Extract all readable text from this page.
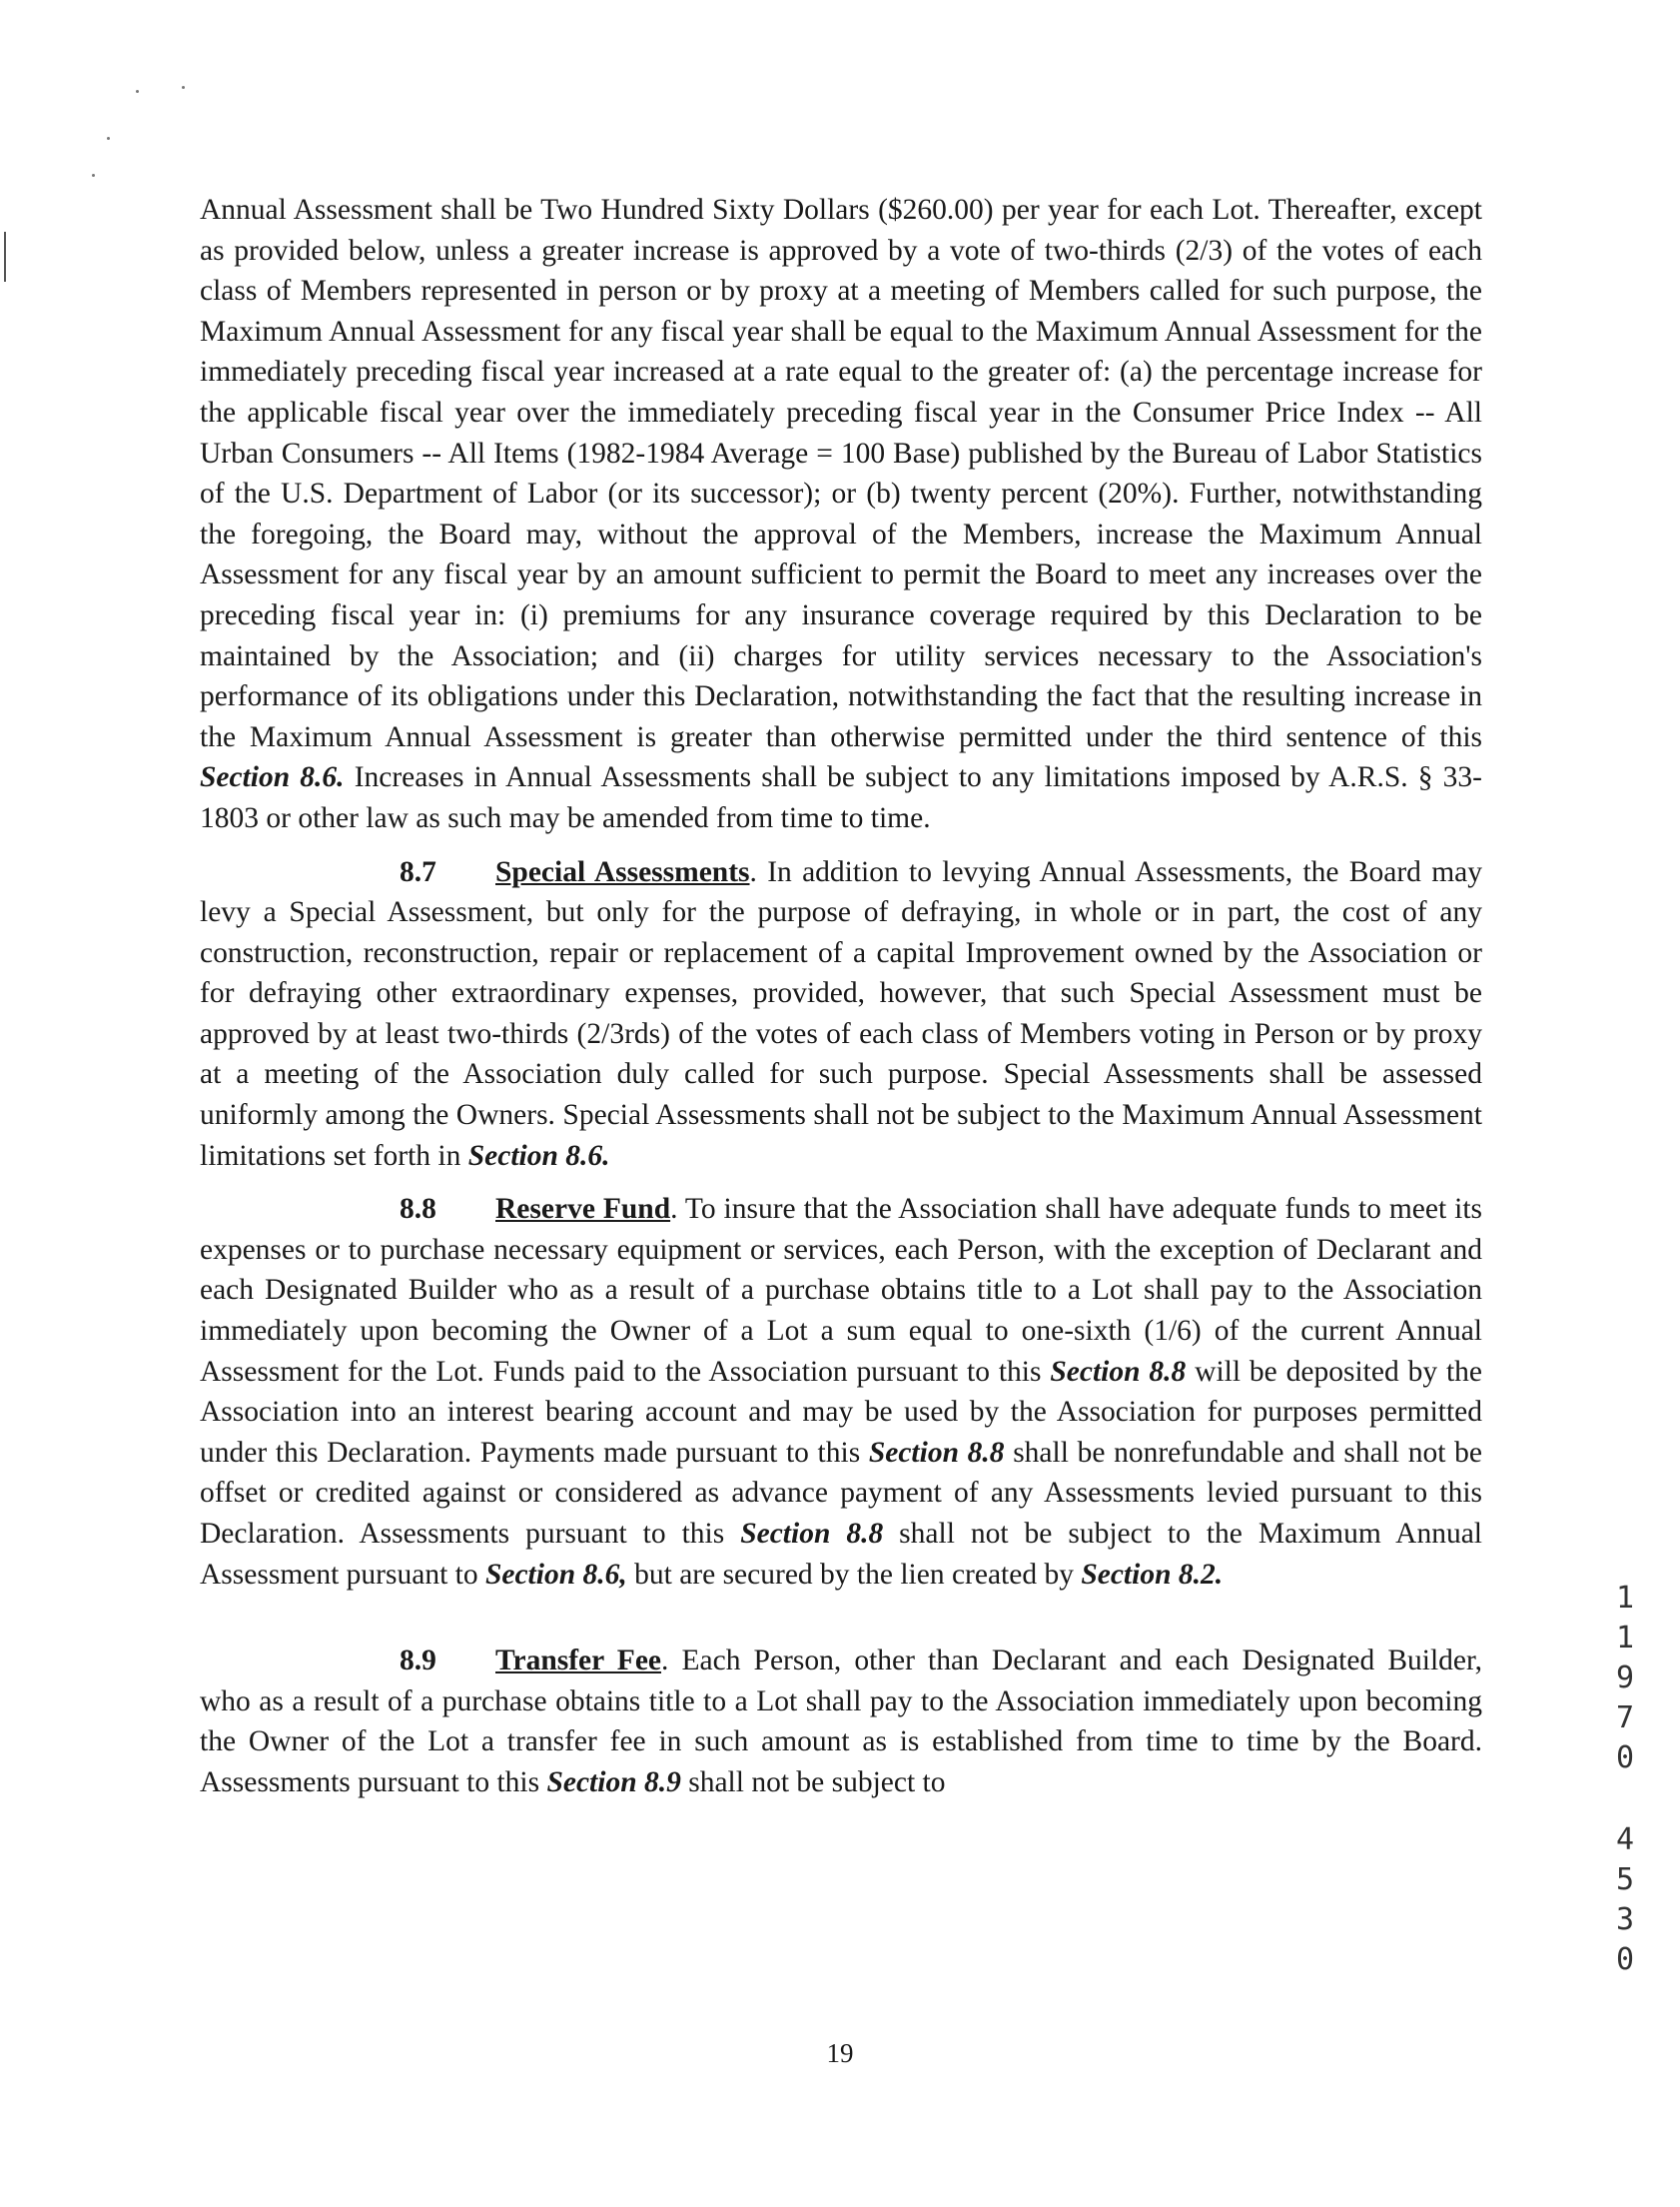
Annual Assessment shall be Two Hundred Sixty Dollars ($260.00) per year for each Lot. Thereafter, except as provided below, unless a greater increase is approved by a vote of two-thirds (2/3) of the votes of each class of Members represented in person or by proxy at a meeting of Members called for such purpose, the Maximum Annual Assessment for any fiscal year shall be equal to the Maximum Annual Assessment for the immediately preceding fiscal year increased at a rate equal to the greater of: (a) the percentage increase for the applicable fiscal year over the immediately preceding fiscal year in the Consumer Price Index -- All Urban Consumers -- All Items (1982-1984 Average = 100 Base) published by the Bureau of Labor Statistics of the U.S. Department of Labor (or its successor); or (b) twenty percent (20%). Further, notwithstanding the foregoing, the Board may, without the approval of the Members, increase the Maximum Annual Assessment for any fiscal year by an amount sufficient to permit the Board to meet any increases over the preceding fiscal year in: (i) premiums for any insurance coverage required by this Declaration to be maintained by the Association; and (ii) charges for utility services necessary to the Association's performance of its obligations under this Declaration, notwithstanding the fact that the resulting increase in the Maximum Annual Assessment is greater than otherwise permitted under the third sentence of this Section 8.6. Increases in Annual Assessments shall be subject to any limitations imposed by A.R.S. § 33-1803 or other law as such may be amended from time to time.

8.7 Special Assessments. In addition to levying Annual Assessments, the Board may levy a Special Assessment, but only for the purpose of defraying, in whole or in part, the cost of any construction, reconstruction, repair or replacement of a capital Improvement owned by the Association or for defraying other extraordinary expenses, provided, however, that such Special Assessment must be approved by at least two-thirds (2/3rds) of the votes of each class of Members voting in Person or by proxy at a meeting of the Association duly called for such purpose. Special Assessments shall be assessed uniformly among the Owners. Special Assessments shall not be subject to the Maximum Annual Assessment limitations set forth in Section 8.6.

8.8 Reserve Fund. To insure that the Association shall have adequate funds to meet its expenses or to purchase necessary equipment or services, each Person, with the exception of Declarant and each Designated Builder who as a result of a purchase obtains title to a Lot shall pay to the Association immediately upon becoming the Owner of a Lot a sum equal to one-sixth (1/6) of the current Annual Assessment for the Lot. Funds paid to the Association pursuant to this Section 8.8 will be deposited by the Association into an interest bearing account and may be used by the Association for purposes permitted under this Declaration. Payments made pursuant to this Section 8.8 shall be nonrefundable and shall not be offset or credited against or considered as advance payment of any Assessments levied pursuant to this Declaration. Assessments pursuant to this Section 8.8 shall not be subject to the Maximum Annual Assessment pursuant to Section 8.6, but are secured by the lien created by Section 8.2.

8.9 Transfer Fee. Each Person, other than Declarant and each Designated Builder, who as a result of a purchase obtains title to a Lot shall pay to the Association immediately upon becoming the Owner of the Lot a transfer fee in such amount as is established from time to time by the Board. Assessments pursuant to this Section 8.9 shall not be subject to

1
1
9
7
0
4
5
3
0
19
